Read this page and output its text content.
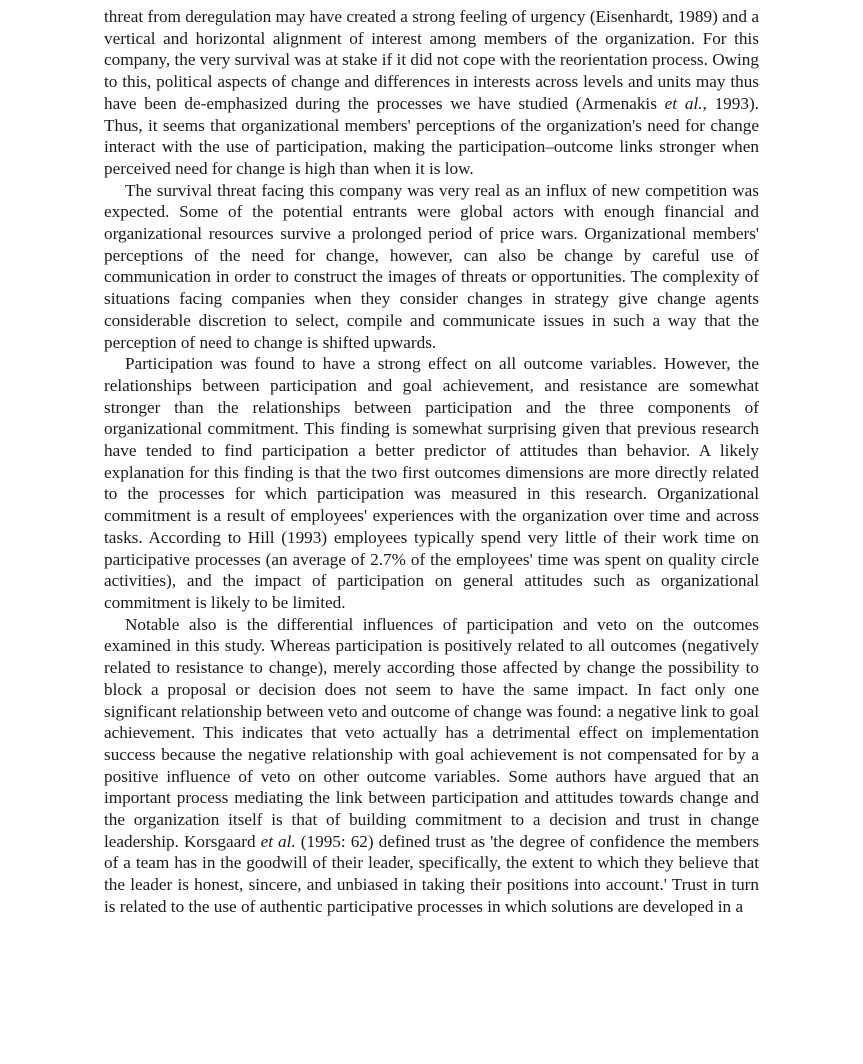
threat from deregulation may have created a strong feeling of urgency (Eisenhardt, 1989) and a vertical and horizontal alignment of interest among members of the organization. For this company, the very survival was at stake if it did not cope with the reorientation process. Owing to this, political aspects of change and differences in interests across levels and units may thus have been de-emphasized during the processes we have studied (Armenakis et al., 1993). Thus, it seems that organizational members' perceptions of the organization's need for change interact with the use of participation, making the participation–outcome links stronger when perceived need for change is high than when it is low.

The survival threat facing this company was very real as an influx of new competition was expected. Some of the potential entrants were global actors with enough financial and organizational resources survive a prolonged period of price wars. Organizational members' perceptions of the need for change, however, can also be change by careful use of communication in order to construct the images of threats or opportunities. The complexity of situations facing companies when they consider changes in strategy give change agents considerable discretion to select, compile and communicate issues in such a way that the perception of need to change is shifted upwards.

Participation was found to have a strong effect on all outcome variables. However, the relationships between participation and goal achievement, and resistance are somewhat stronger than the relationships between participation and the three components of organizational commitment. This finding is somewhat surprising given that previous research have tended to find participation a better predictor of attitudes than behavior. A likely explanation for this finding is that the two first outcomes dimensions are more directly related to the processes for which participation was measured in this research. Organizational commitment is a result of employees' experiences with the organization over time and across tasks. According to Hill (1993) employees typically spend very little of their work time on participative processes (an average of 2.7% of the employees' time was spent on quality circle activities), and the impact of participation on general attitudes such as organizational commitment is likely to be limited.

Notable also is the differential influences of participation and veto on the outcomes examined in this study. Whereas participation is positively related to all outcomes (negatively related to resistance to change), merely according those affected by change the possibility to block a proposal or decision does not seem to have the same impact. In fact only one significant relationship between veto and outcome of change was found: a negative link to goal achievement. This indicates that veto actually has a detrimental effect on implementation success because the negative relationship with goal achievement is not compensated for by a positive influence of veto on other outcome variables. Some authors have argued that an important process mediating the link between participation and attitudes towards change and the organization itself is that of building commitment to a decision and trust in change leadership. Korsgaard et al. (1995: 62) defined trust as 'the degree of confidence the members of a team has in the goodwill of their leader, specifically, the extent to which they believe that the leader is honest, sincere, and unbiased in taking their positions into account.' Trust in turn is related to the use of authentic participative processes in which solutions are developed in a
